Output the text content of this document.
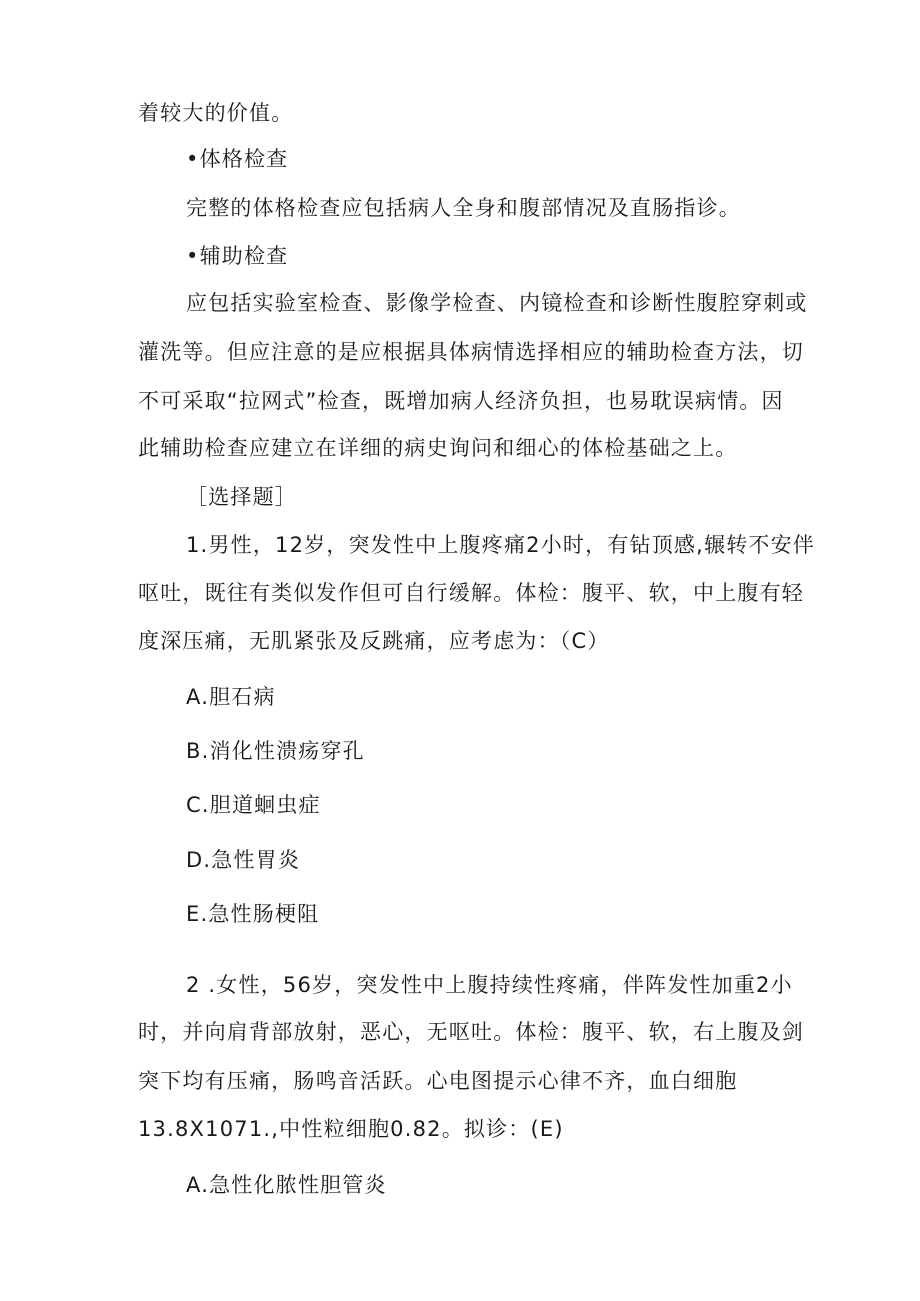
着较大的价值。
•体格检查
完整的体格检查应包括病人全身和腹部情况及直肠指诊。
•辅助检查
应包括实验室检查、影像学检查、内镜检查和诊断性腹腔穿刺或
灌洗等。但应注意的是应根据具体病情选择相应的辅助检查方法，切
不可采取“拉网式”检查，既增加病人经济负担，也易耽误病情。因
此辅助检查应建立在详细的病史询问和细心的体检基础之上。
［选择题］
1.男性，12岁，突发性中上腹疼痛2小时，有钻顶感,辗转不安伴
呕吐，既往有类似发作但可自行缓解。体检：腹平、软，中上腹有轻
度深压痛，无肌紧张及反跳痛，应考虑为：（C）
A.胆石病
B.消化性溃疡穿孔
C.胆道蛔虫症
D.急性胃炎
E.急性肠梗阻
2 .女性，56岁，突发性中上腹持续性疼痛，伴阵发性加重2小
时，并向肩背部放射，恶心，无呕吐。体检：腹平、软，右上腹及剑
突下均有压痛，肠鸣音活跃。心电图提示心律不齐，血白细胞
13.8X1071.,中性粒细胞0.82。拟诊：(E)
A.急性化脓性胆管炎
